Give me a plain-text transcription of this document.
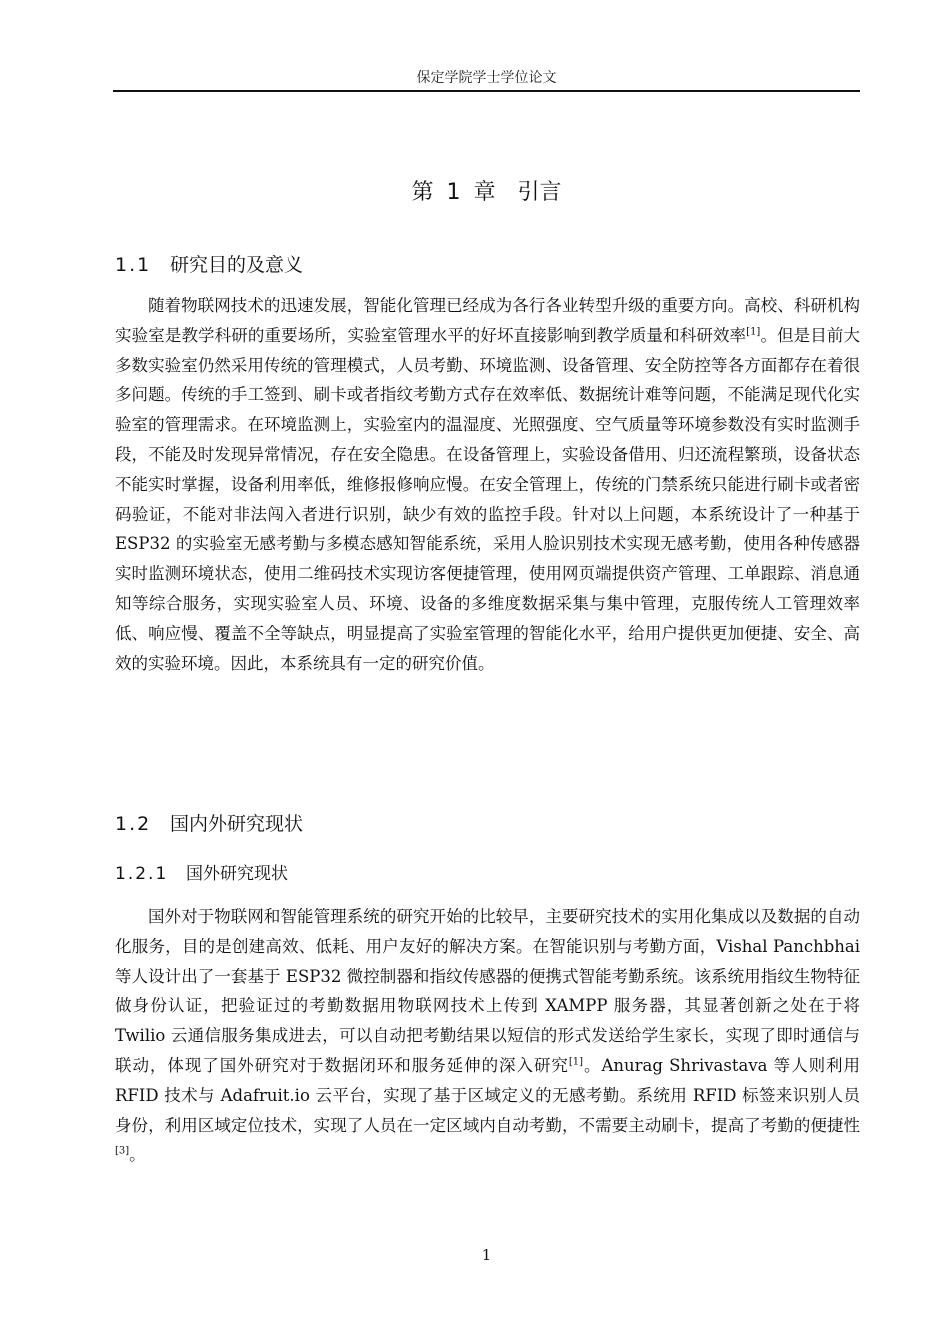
保定学院学士学位论文
第 1 章　引言
1.1 研究目的及意义

随着物联网技术的迅速发展，智能化管理已经成为各行各业转型升级的重要方向。高校、科研机构实验室是教学科研的重要场所，实验室管理水平的好坏直接影响到教学质量和科研效率[1]。但是目前大多数实验室仍然采用传统的管理模式，人员考勤、环境监测、设备管理、安全防控等各方面都存在着很多问题。传统的手工签到、刷卡或者指纹考勤方式存在效率低、数据统计难等问题，不能满足现代化实验室的管理需求。在环境监测上，实验室内的温湿度、光照强度、空气质量等环境参数没有实时监测手段，不能及时发现异常情况，存在安全隐患。在设备管理上，实验设备借用、归还流程繁琐，设备状态不能实时掌握，设备利用率低，维修报修响应慢。在安全管理上，传统的门禁系统只能进行刷卡或者密码验证，不能对非法闯入者进行识别，缺少有效的监控手段。针对以上问题，本系统设计了一种基于 ESP32 的实验室无感考勤与多模态感知智能系统，采用人脸识别技术实现无感考勤，使用各种传感器实时监测环境状态，使用二维码技术实现访客便捷管理，使用网页端提供资产管理、工单跟踪、消息通知等综合服务，实现实验室人员、环境、设备的多维度数据采集与集中管理，克服传统人工管理效率低、响应慢、覆盖不全等缺点，明显提高了实验室管理的智能化水平，给用户提供更加便捷、安全、高效的实验环境。因此，本系统具有一定的研究价值。

1.2 国内外研究现状
1.2.1 国外研究现状

国外对于物联网和智能管理系统的研究开始的比较早，主要研究技术的实用化集成以及数据的自动化服务，目的是创建高效、低耗、用户友好的解决方案。在智能识别与考勤方面，Vishal Panchbhai 等人设计出了一套基于 ESP32 微控制器和指纹传感器的便携式智能考勤系统。该系统用指纹生物特征做身份认证，把验证过的考勤数据用物联网技术上传到 XAMPP 服务器，其显著创新之处在于将 Twilio 云通信服务集成进去，可以自动把考勤结果以短信的形式发送给学生家长，实现了即时通信与联动，体现了国外研究对于数据闭环和服务延伸的深入研究[1]。Anurag Shrivastava 等人则利用 RFID 技术与 Adafruit.io 云平台，实现了基于区域定义的无感考勤。系统用 RFID 标签来识别人员身份，利用区域定位技术，实现了人员在一定区域内自动考勤，不需要主动刷卡，提高了考勤的便捷性[3]。

1
